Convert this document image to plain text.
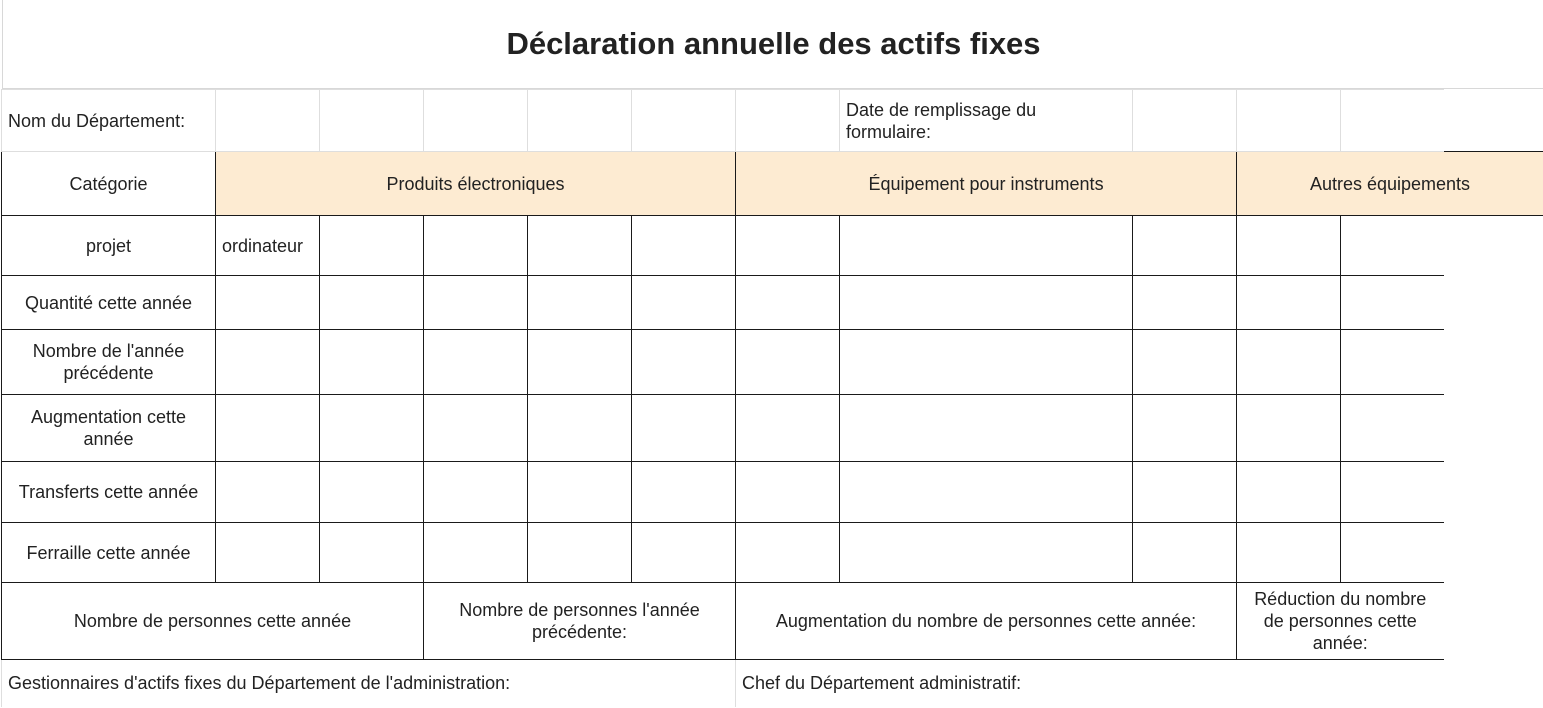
Déclaration annuelle des actifs fixes
Nom du Département:							Date de remplissage du formulaire:			
Catégorie	Produits électroniques					Équipement pour instruments			Autres équipements	
projet	ordinateur									
Quantité cette année										
Nombre de l'année précédente										
Augmentation cette année										
Transferts cette année										
Ferraille cette année										
Nombre de personnes cette année			Nombre de personnes l'année précédente:			Augmentation du nombre de personnes cette année:			Réduction du nombre de personnes cette année:	
Gestionnaires d'actifs fixes du Département de l'administration:						Chef du Département administratif:				
